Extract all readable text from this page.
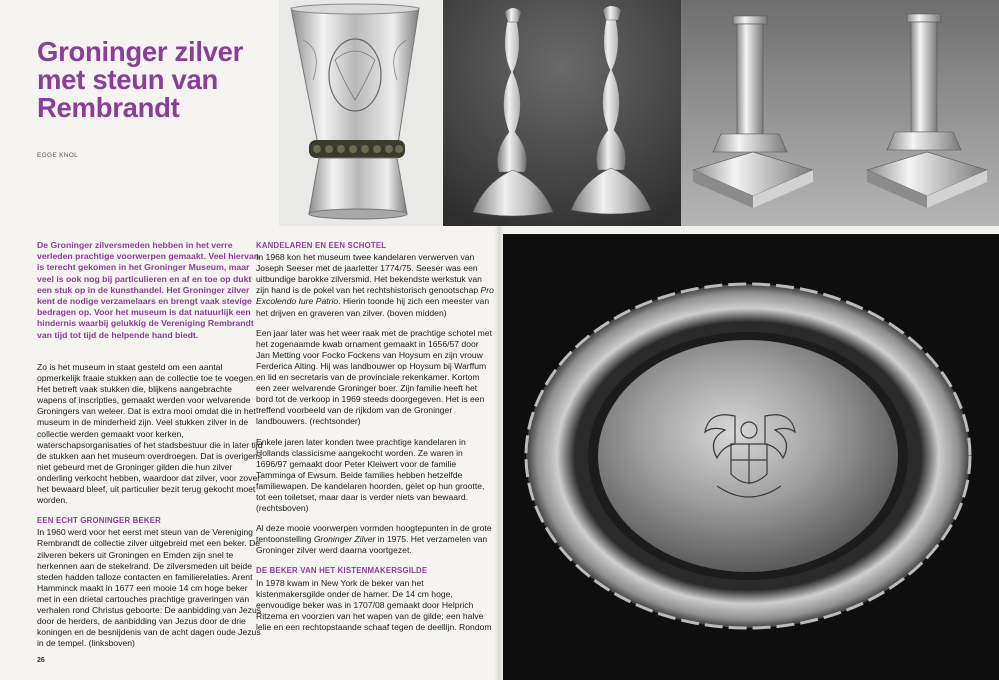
Groninger zilver met steun van Rembrandt
EGGE KNOL
De Groninger zilversmeden hebben in het verre verleden prachtige voorwerpen gemaakt. Veel hiervan is terecht gekomen in het Groninger Museum, maar veel is ook nog bij particulieren en af en toe op dukt een stuk op in de kunsthandel. Het Groninger zilver kent de nodige verzamelaars en brengt vaak stevige bedragen op. Voor het museum is dat natuurlijk een hindernis waarbij gelukkig de Vereniging Rembrandt van tijd tot tijd de helpende hand biedt.

Zo is het museum in staat gesteld om een aantal opmerkelijk fraaie stukken aan de collectie toe te voegen. Het betreft vaak stukken die, blijkens aangebrachte wapens of inscripties, gemaakt werden voor welvarende Groningers van weleer. Dat is extra mooi omdat die in het museum in de minderheid zijn. Veel stukken zilver in de collectie werden gemaakt voor kerken, waterschapsorganisaties of het stadsbestuur die in later tijd de stukken aan het museum overdroegen. Dat is overigens niet gebeurd met de Groninger gilden die hun zilver onderling verkocht hebben, waardoor dat zilver, voor zover het bewaard bleef, uit particulier bezit terug gekocht moet worden.

EEN ECHT GRONINGER BEKER

In 1960 werd voor het eerst met steun van de Vereniging Rembrandt de collectie zilver uitgebreid met een beker. De zilveren bekers uit Groningen en Emden zijn snel te herkennen aan de stekelrand. De zilversmeden uit beide steden hadden talloze contacten en familierelaties. Arent Hamminck maakt in 1677 een mooie 14 cm hoge beker met in een drietal cartouches prachtige graveringen van verhalen rond Christus geboorte: De aanbidding van Jezus door de herders, de aanbidding van Jezus door de drie koningen en de besnijdenis van de acht dagen oude Jezus in de tempel. (linksboven)

KANDELAREN EN EEN SCHOTEL

In 1968 kon het museum twee kandelaren verwerven van Joseph Seeser met de jaarletter 1774/75. Seeser was een uitbundige barokke zilversmid. Het bekendste werkstuk van zijn hand is de pokel van het rechtshistorisch genootschap Pro Excolendo Iure Patrio. Hierin toonde hij zich een meester van het drijven en graveren van zilver. (boven midden)

Een jaar later was het weer raak met de prachtige schotel met het zogenaamde kwab ornament gemaakt in 1656/57 door Jan Metting voor Focko Fockens van Hoysum en zijn vrouw Ferderica Alting. Hij was landbouwer op Hoysum bij Warffum en lid en secretaris van de provinciale rekenkamer. Kortom een zeer welvarende Groninger boer. Zijn familie heeft het bord tot de verkoop in 1969 steeds doorgegeven. Het is een treffend voorbeeld van de rijkdom van de Groninger landbouwers. (rechtsonder)

Enkele jaren later konden twee prachtige kandelaren in Hollands classicisme aangekocht worden. Ze waren in 1696/97 gemaakt door Peter Kleiwert voor de familie Tamminga of Ewsum. Beide families hebben hetzelfde familiewapen. De kandelaren hoorden, gelet op hun grootte, tot een toiletset, maar daar is verder niets van bewaard. (rechtsboven)

Al deze mooie voorwerpen vormden hoogtepunten in de grote tentoonstelling Groninger Zilver in 1975. Het verzamelen van Groninger zilver werd daarna voortgezet.

DE BEKER VAN HET KISTENMAKERSGILDE

In 1978 kwam in New York de beker van het kistenmakersgilde onder de hamer. De 14 cm hoge, eenvoudige beker was in 1707/08 gemaakt door Helprich Ritzema en voorzien van het wapen van de gilde; een halve lelie en een rechtopstaande schaaf tegen de deellijn. Rondom

26
